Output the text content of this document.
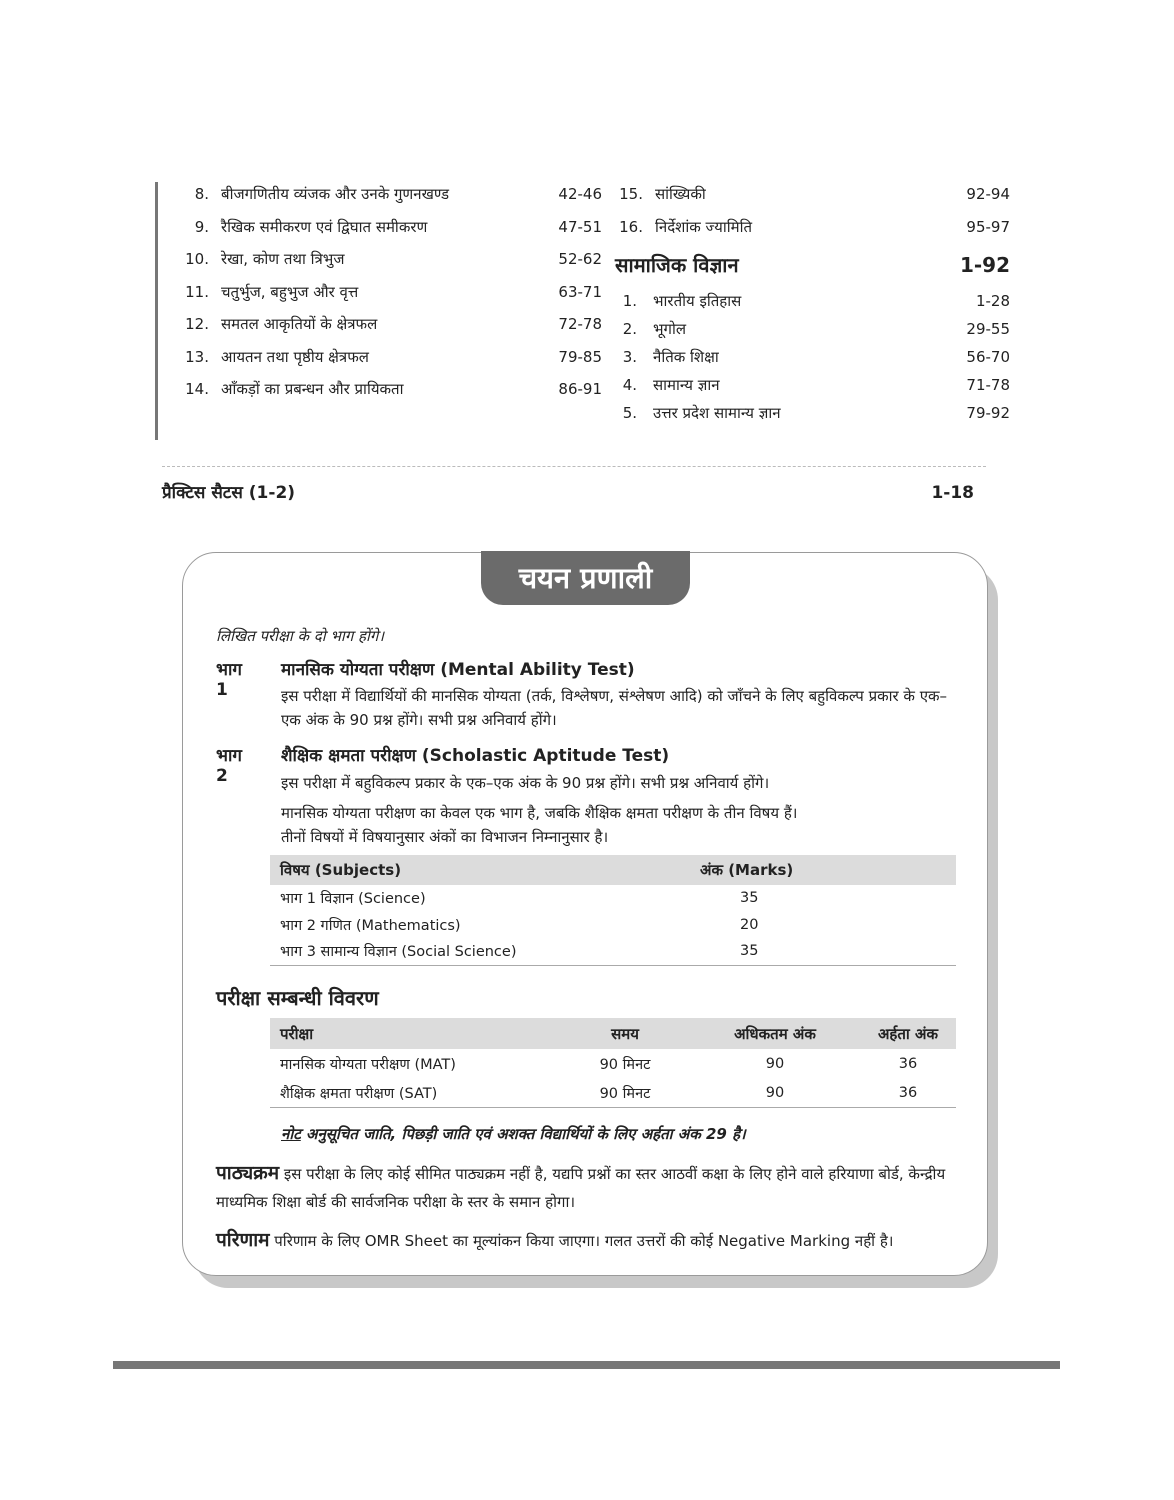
8. बीजगणितीय व्यंजक और उनके गुणनखण्ड	42-46
9. रैखिक समीकरण एवं द्विघात समीकरण	47-51
10. रेखा, कोण तथा त्रिभुज	52-62
11. चतुर्भुज, बहुभुज और वृत्त	63-71
12. समतल आकृतियों के क्षेत्रफल	72-78
13. आयतन तथा पृष्ठीय क्षेत्रफल	79-85
14. आँकड़ों का प्रबन्धन और प्रायिकता	86-91
15. सांख्यिकी	92-94
16. निर्देशांक ज्यामिति	95-97
सामाजिक विज्ञान	1-92
1. भारतीय इतिहास	1-28
2. भूगोल	29-55
3. नैतिक शिक्षा	56-70
4. सामान्य ज्ञान	71-78
5. उत्तर प्रदेश सामान्य ज्ञान	79-92
प्रैक्टिस सैटस (1-2)	1-18
चयन प्रणाली
लिखित परीक्षा के दो भाग होंगे।
भाग 1
मानसिक योग्यता परीक्षण (Mental Ability Test)
इस परीक्षा में विद्यार्थियों की मानसिक योग्यता (तर्क, विश्लेषण, संश्लेषण आदि) को जाँचने के लिए बहुविकल्प प्रकार के एक–एक अंक के 90 प्रश्न होंगे। सभी प्रश्न अनिवार्य होंगे।
भाग 2
शैक्षिक क्षमता परीक्षण (Scholastic Aptitude Test)
इस परीक्षा में बहुविकल्प प्रकार के एक–एक अंक के 90 प्रश्न होंगे। सभी प्रश्न अनिवार्य होंगे।
मानसिक योग्यता परीक्षण का केवल एक भाग है, जबकि शैक्षिक क्षमता परीक्षण के तीन विषय हैं।
तीनों विषयों में विषयानुसार अंकों का विभाजन निम्नानुसार है।
विषय (Subjects)	अंक (Marks)
भाग 1 विज्ञान (Science)	35
भाग 2 गणित (Mathematics)	20
भाग 3 सामान्य विज्ञान (Social Science)	35
परीक्षा सम्बन्धी विवरण
परीक्षा	समय	अधिकतम अंक	अर्हता अंक
मानसिक योग्यता परीक्षण (MAT)	90 मिनट	90	36
शैक्षिक क्षमता परीक्षण (SAT)	90 मिनट	90	36
नोट अनुसूचित जाति, पिछड़ी जाति एवं अशक्त विद्यार्थियों के लिए अर्हता अंक 29 है।
पाठ्यक्रम इस परीक्षा के लिए कोई सीमित पाठ्यक्रम नहीं है, यद्यपि प्रश्नों का स्तर आठवीं कक्षा के लिए होने वाले हरियाणा बोर्ड, केन्द्रीय माध्यमिक शिक्षा बोर्ड की सार्वजनिक परीक्षा के स्तर के समान होगा।
परिणाम परिणाम के लिए OMR Sheet का मूल्यांकन किया जाएगा। गलत उत्तरों की कोई Negative Marking नहीं है।
